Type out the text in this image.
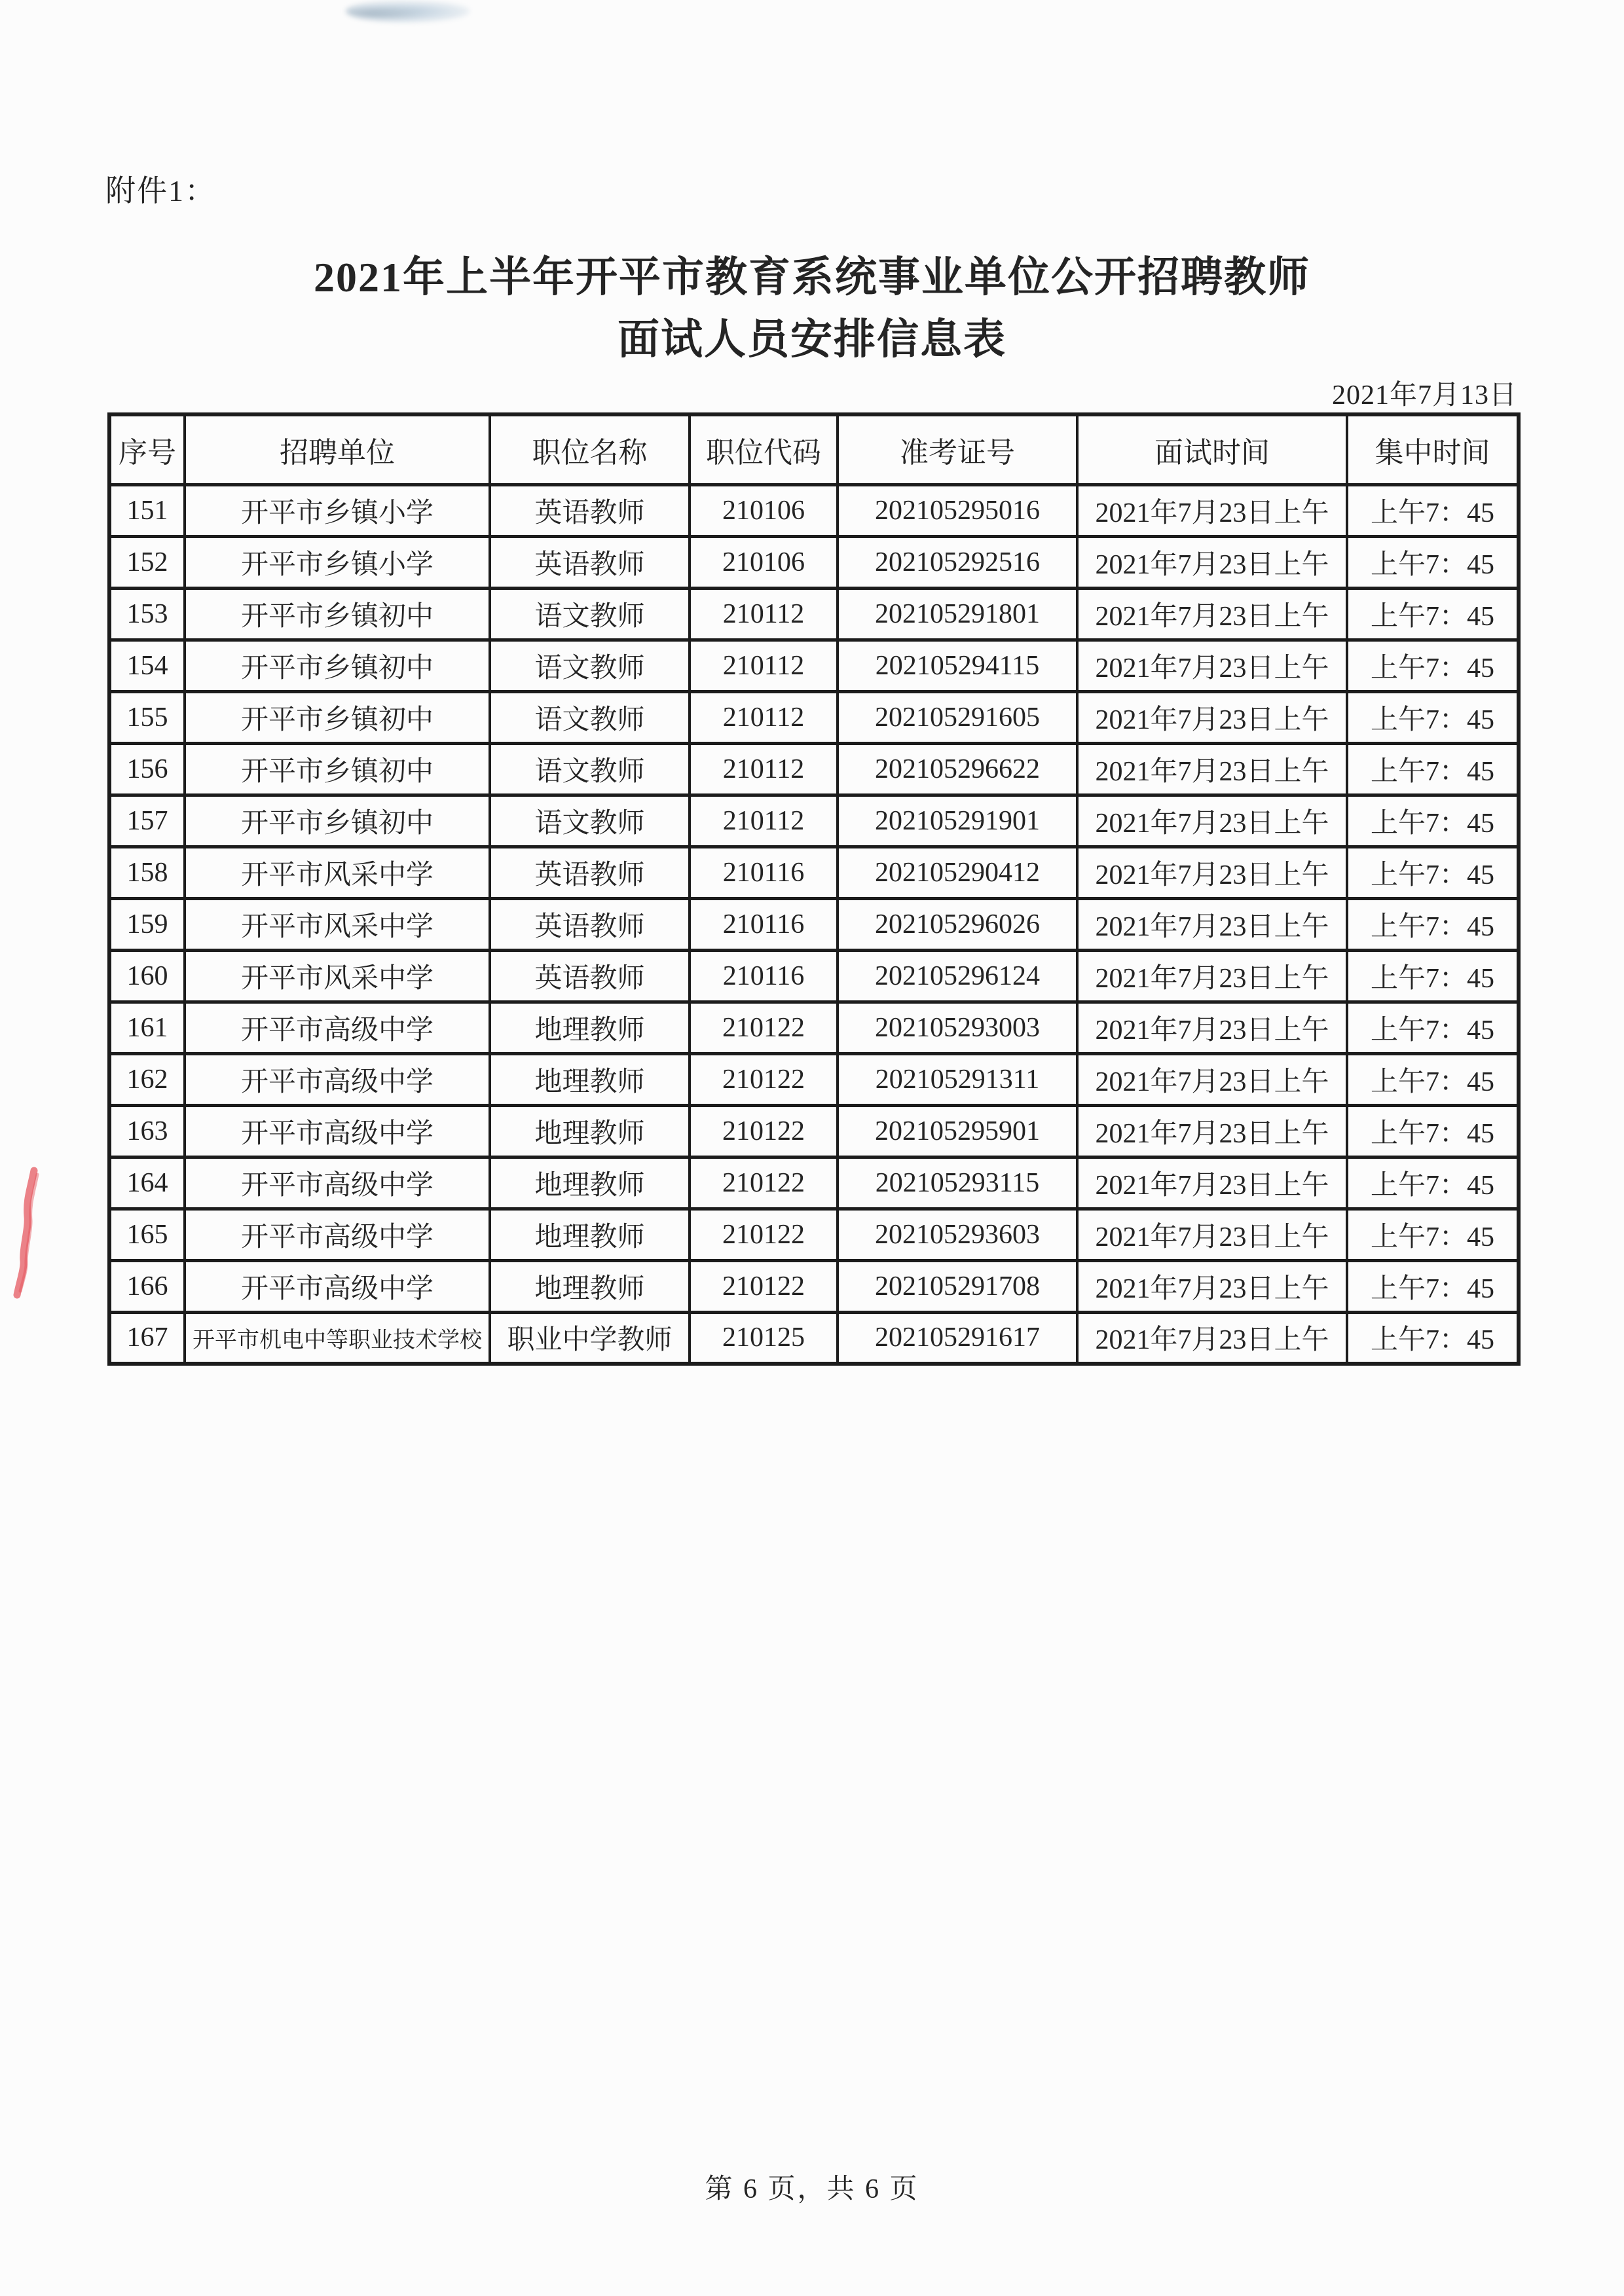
附件1：
2021年上半年开平市教育系统事业单位公开招聘教师
面试人员安排信息表
2021年7月13日
序号	招聘单位	职位名称	职位代码	准考证号	面试时间	集中时间
151	开平市乡镇小学	英语教师	210106	202105295016	2021年7月23日上午	上午7：45
152	开平市乡镇小学	英语教师	210106	202105292516	2021年7月23日上午	上午7：45
153	开平市乡镇初中	语文教师	210112	202105291801	2021年7月23日上午	上午7：45
154	开平市乡镇初中	语文教师	210112	202105294115	2021年7月23日上午	上午7：45
155	开平市乡镇初中	语文教师	210112	202105291605	2021年7月23日上午	上午7：45
156	开平市乡镇初中	语文教师	210112	202105296622	2021年7月23日上午	上午7：45
157	开平市乡镇初中	语文教师	210112	202105291901	2021年7月23日上午	上午7：45
158	开平市风采中学	英语教师	210116	202105290412	2021年7月23日上午	上午7：45
159	开平市风采中学	英语教师	210116	202105296026	2021年7月23日上午	上午7：45
160	开平市风采中学	英语教师	210116	202105296124	2021年7月23日上午	上午7：45
161	开平市高级中学	地理教师	210122	202105293003	2021年7月23日上午	上午7：45
162	开平市高级中学	地理教师	210122	202105291311	2021年7月23日上午	上午7：45
163	开平市高级中学	地理教师	210122	202105295901	2021年7月23日上午	上午7：45
164	开平市高级中学	地理教师	210122	202105293115	2021年7月23日上午	上午7：45
165	开平市高级中学	地理教师	210122	202105293603	2021年7月23日上午	上午7：45
166	开平市高级中学	地理教师	210122	202105291708	2021年7月23日上午	上午7：45
167	开平市机电中等职业技术学校	职业中学教师	210125	202105291617	2021年7月23日上午	上午7：45
第 6 页，共 6 页
